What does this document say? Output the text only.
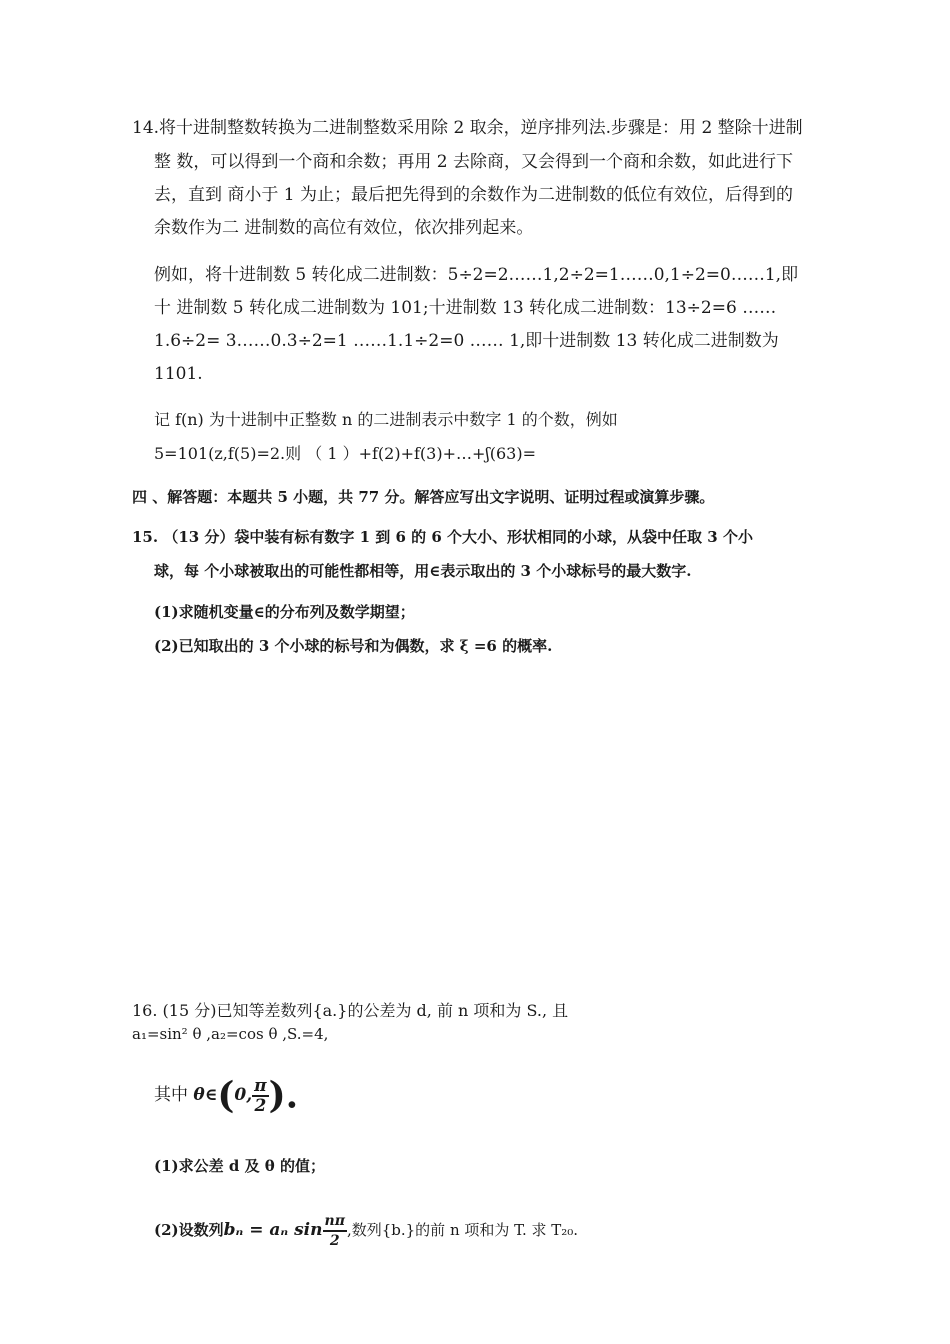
14.将十进制整数转换为二进制整数采用除 2 取余，逆序排列法.步骤是：用 2 整除十进制
整 数，可以得到一个商和余数；再用 2 去除商，又会得到一个商和余数，如此进行下
去，直到 商小于 1 为止；最后把先得到的余数作为二进制数的低位有效位，后得到的
余数作为二 进制数的高位有效位，依次排列起来。
例如，将十进制数 5 转化成二进制数：5÷2=2……1,2÷2=1……0,1÷2=0……1,即
十 进制数 5 转化成二进制数为 101;十进制数 13 转化成二进制数：13÷2=6 ……
1.6÷2= 3……0.3÷2=1 ……1.1÷2=0 …… 1,即十进制数 13 转化成二进制数为
1101.
记 f(n) 为十进制中正整数 n 的二进制表示中数字 1 的个数，例如
5=101(z,f(5)=2.则 （ 1 ）+f(2)+f(3)+…+ʃ(63)=
四 、解答题：本题共 5 小题，共 77 分。解答应写出文字说明、证明过程或演算步骤。
15. （13 分）袋中装有标有数字 1 到 6 的 6 个大小、形状相同的小球，从袋中任取 3 个小
球，每 个小球被取出的可能性都相等，用∈表示取出的 3 个小球标号的最大数字.
(1)求随机变量∈的分布列及数学期望；
(2)已知取出的 3 个小球的标号和为偶数，求 ξ =6 的概率.
16. (15 分)已知等差数列{a.}的公差为 d, 前 n 项和为 S., 且
a₁=sin² θ ,a₂=cos θ ,S.=4,
其中 θ∈(0, $\frac{\pi}{2}$ ).
(1)求公差 d 及 θ 的值；
(2)设数列bₙ = aₙ $\sin \frac{n\pi}{2}$ ,数列{b.}的前 n 项和为 T. 求 T₂₀.
